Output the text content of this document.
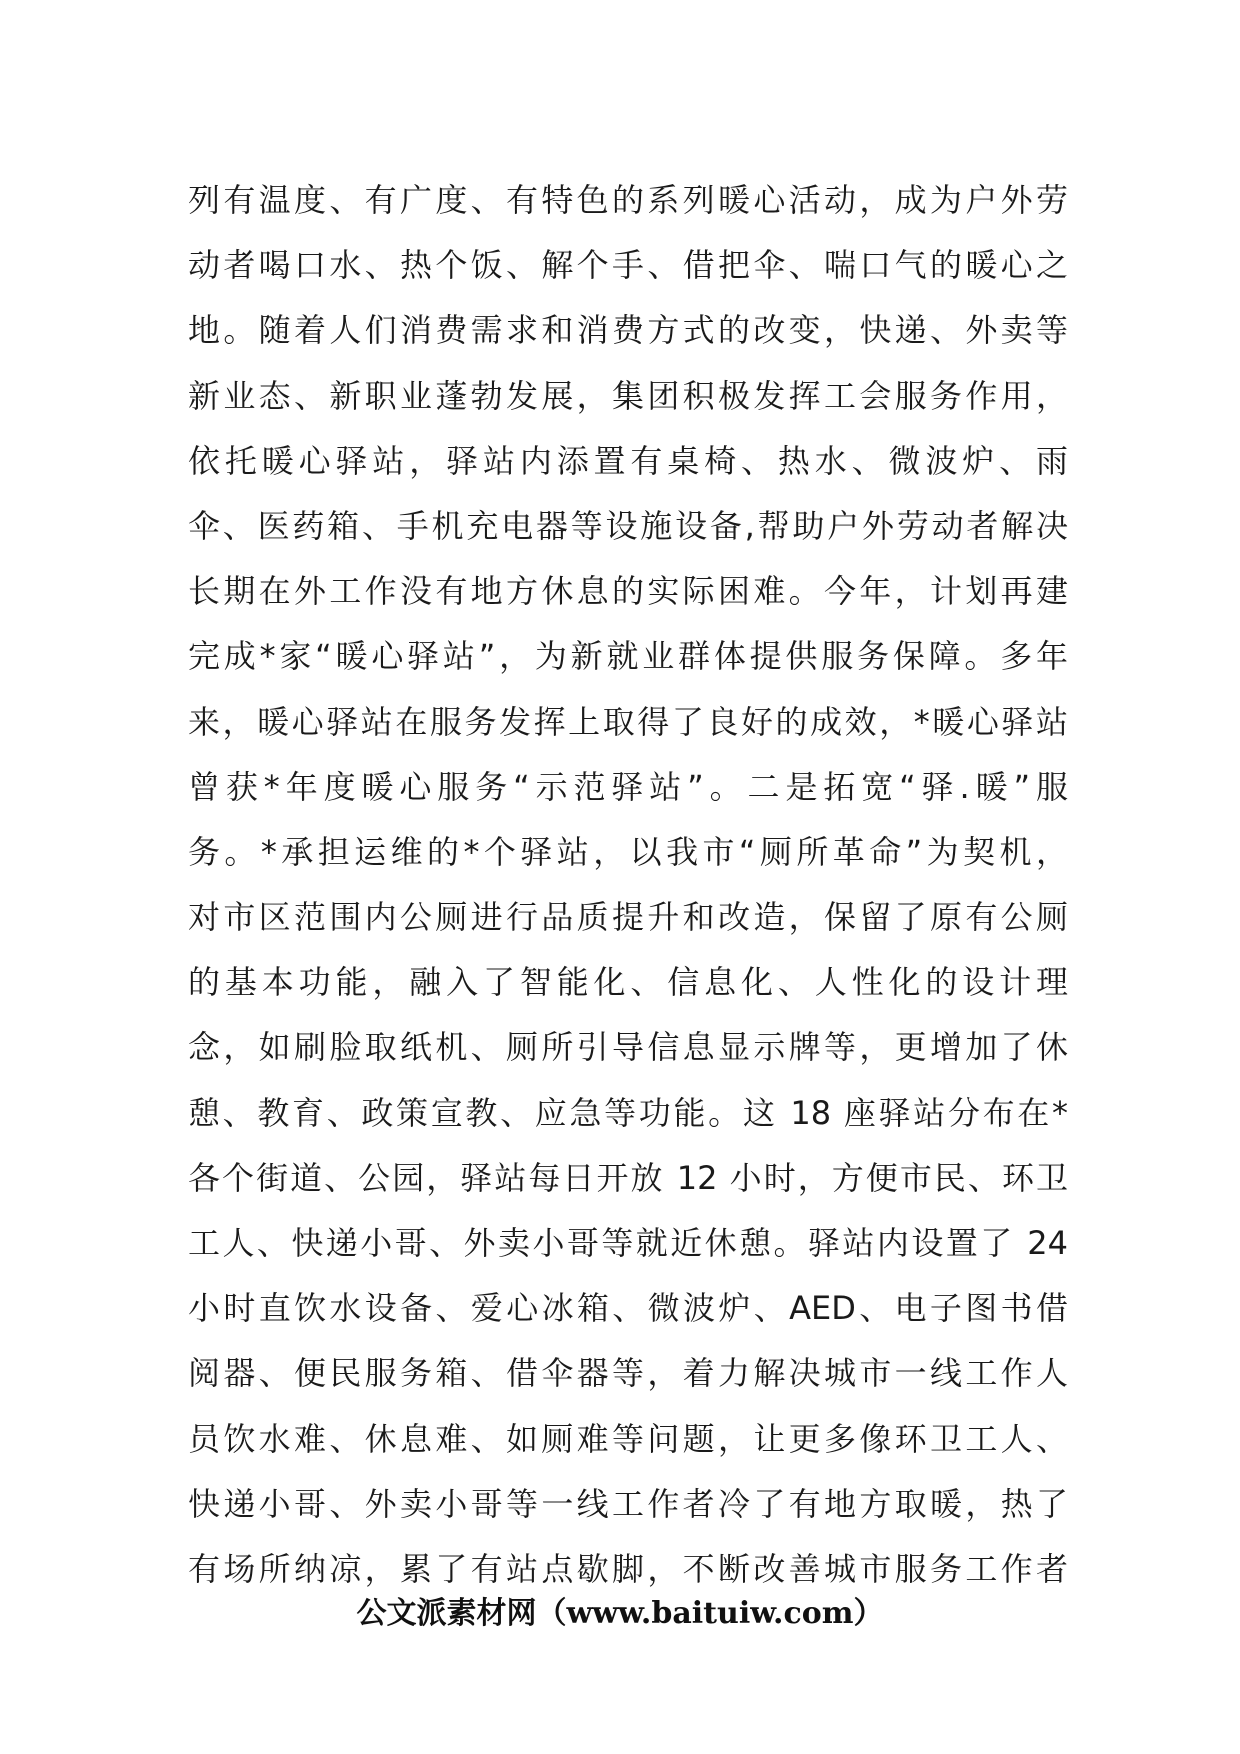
列有温度、有广度、有特色的系列暖心活动，成为户外劳
动者喝口水、热个饭、解个手、借把伞、喘口气的暖心之
地。随着人们消费需求和消费方式的改变，快递、外卖等
新业态、新职业蓬勃发展，集团积极发挥工会服务作用，
依托暖心驿站，驿站内添置有桌椅、热水、微波炉、雨
伞、医药箱、手机充电器等设施设备,帮助户外劳动者解决
长期在外工作没有地方休息的实际困难。今年，计划再建
完成*家“暖心驿站”，为新就业群体提供服务保障。多年
来，暖心驿站在服务发挥上取得了良好的成效，*暖心驿站
曾获*年度暖心服务“示范驿站”。二是拓宽“驿.暖”服
务。*承担运维的*个驿站，以我市“厕所革命”为契机，
对市区范围内公厕进行品质提升和改造，保留了原有公厕
的基本功能，融入了智能化、信息化、人性化的设计理
念，如刷脸取纸机、厕所引导信息显示牌等，更增加了休
憩、教育、政策宣教、应急等功能。这 18 座驿站分布在*
各个街道、公园，驿站每日开放 12 小时，方便市民、环卫
工人、快递小哥、外卖小哥等就近休憩。驿站内设置了 24
小时直饮水设备、爱心冰箱、微波炉、AED、电子图书借
阅器、便民服务箱、借伞器等，着力解决城市一线工作人
员饮水难、休息难、如厕难等问题，让更多像环卫工人、
快递小哥、外卖小哥等一线工作者冷了有地方取暖，热了
有场所纳凉，累了有站点歇脚，不断改善城市服务工作者
公文派素材网（www.baituiw.com）
